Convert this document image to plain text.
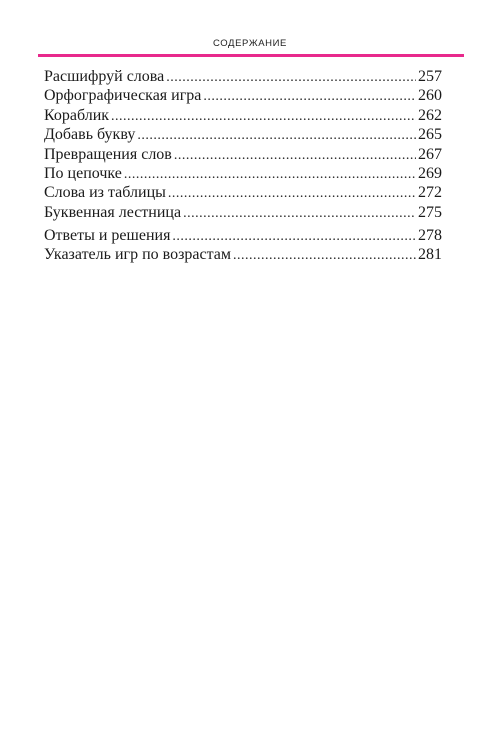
СОДЕРЖАНИЕ
Расшифруй слова .....	257
Орфографическая игра .....	260
Кораблик .....	262
Добавь букву .....	265
Превращения слов .....	267
По цепочке .....	269
Слова из таблицы .....	272
Буквенная лестница .....	275
Ответы и решения .....	278
Указатель игр по возрастам .....	281
